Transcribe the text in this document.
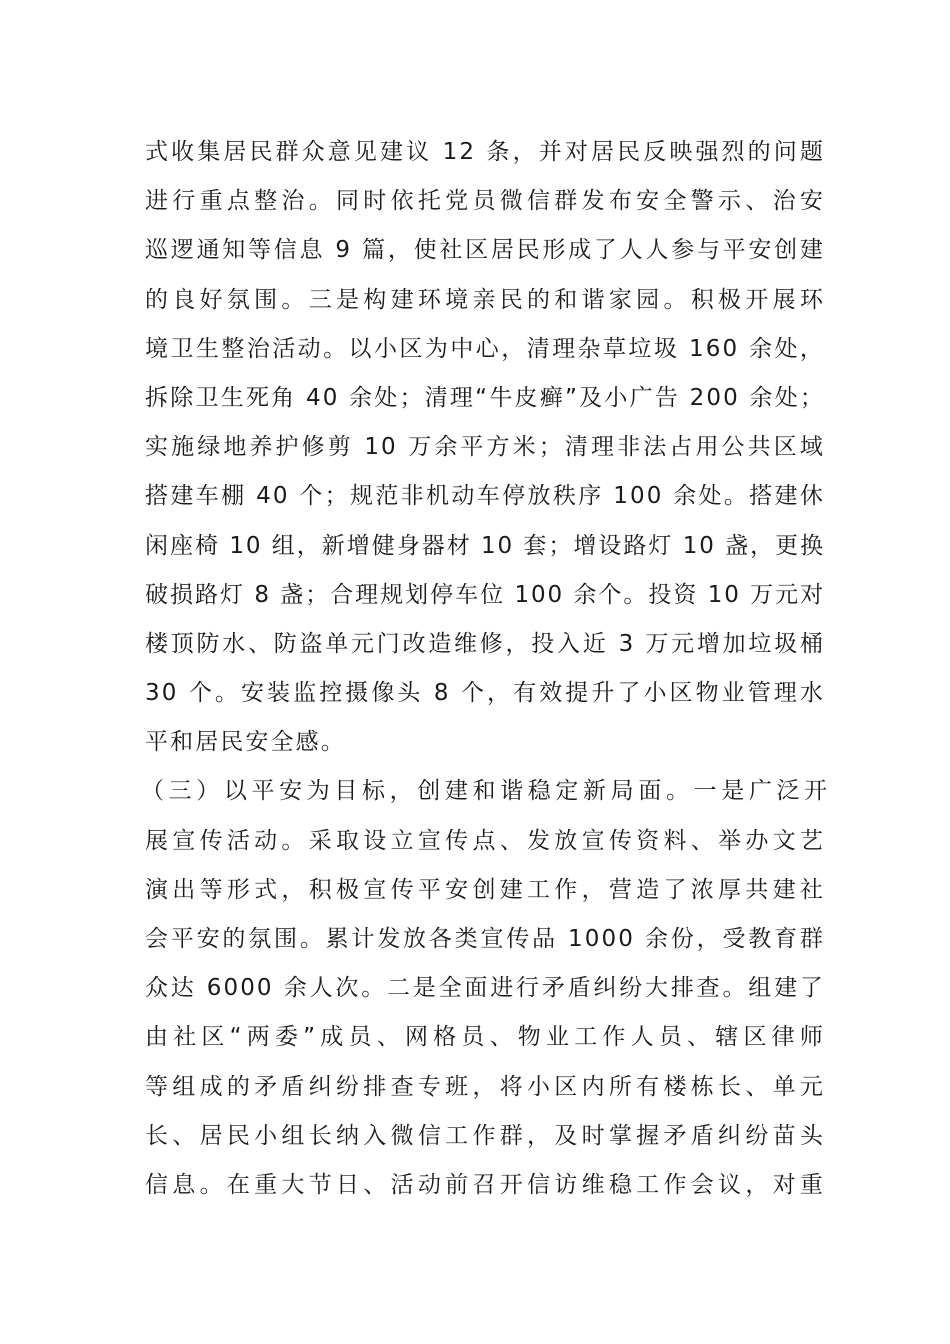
式收集居民群众意见建议 12 条，并对居民反映强烈的问题
进行重点整治。同时依托党员微信群发布安全警示、治安
巡逻通知等信息 9 篇，使社区居民形成了人人参与平安创建
的良好氛围。三是构建环境亲民的和谐家园。积极开展环
境卫生整治活动。以小区为中心，清理杂草垃圾 160 余处，
拆除卫生死角 40 余处；清理“牛皮癣”及小广告 200 余处；
实施绿地养护修剪 10 万余平方米；清理非法占用公共区域
搭建车棚 40 个；规范非机动车停放秩序 100 余处。搭建休
闲座椅 10 组，新增健身器材 10 套；增设路灯 10 盏，更换
破损路灯 8 盏；合理规划停车位 100 余个。投资 10 万元对
楼顶防水、防盗单元门改造维修，投入近 3 万元增加垃圾桶
30 个。安装监控摄像头 8 个，有效提升了小区物业管理水
平和居民安全感。
（三）以平安为目标，创建和谐稳定新局面。一是广泛开
展宣传活动。采取设立宣传点、发放宣传资料、举办文艺
演出等形式，积极宣传平安创建工作，营造了浓厚共建社
会平安的氛围。累计发放各类宣传品 1000 余份，受教育群
众达 6000 余人次。二是全面进行矛盾纠纷大排查。组建了
由社区“两委”成员、网格员、物业工作人员、辖区律师
等组成的矛盾纠纷排查专班，将小区内所有楼栋长、单元
长、居民小组长纳入微信工作群，及时掌握矛盾纠纷苗头
信息。在重大节日、活动前召开信访维稳工作会议，对重
